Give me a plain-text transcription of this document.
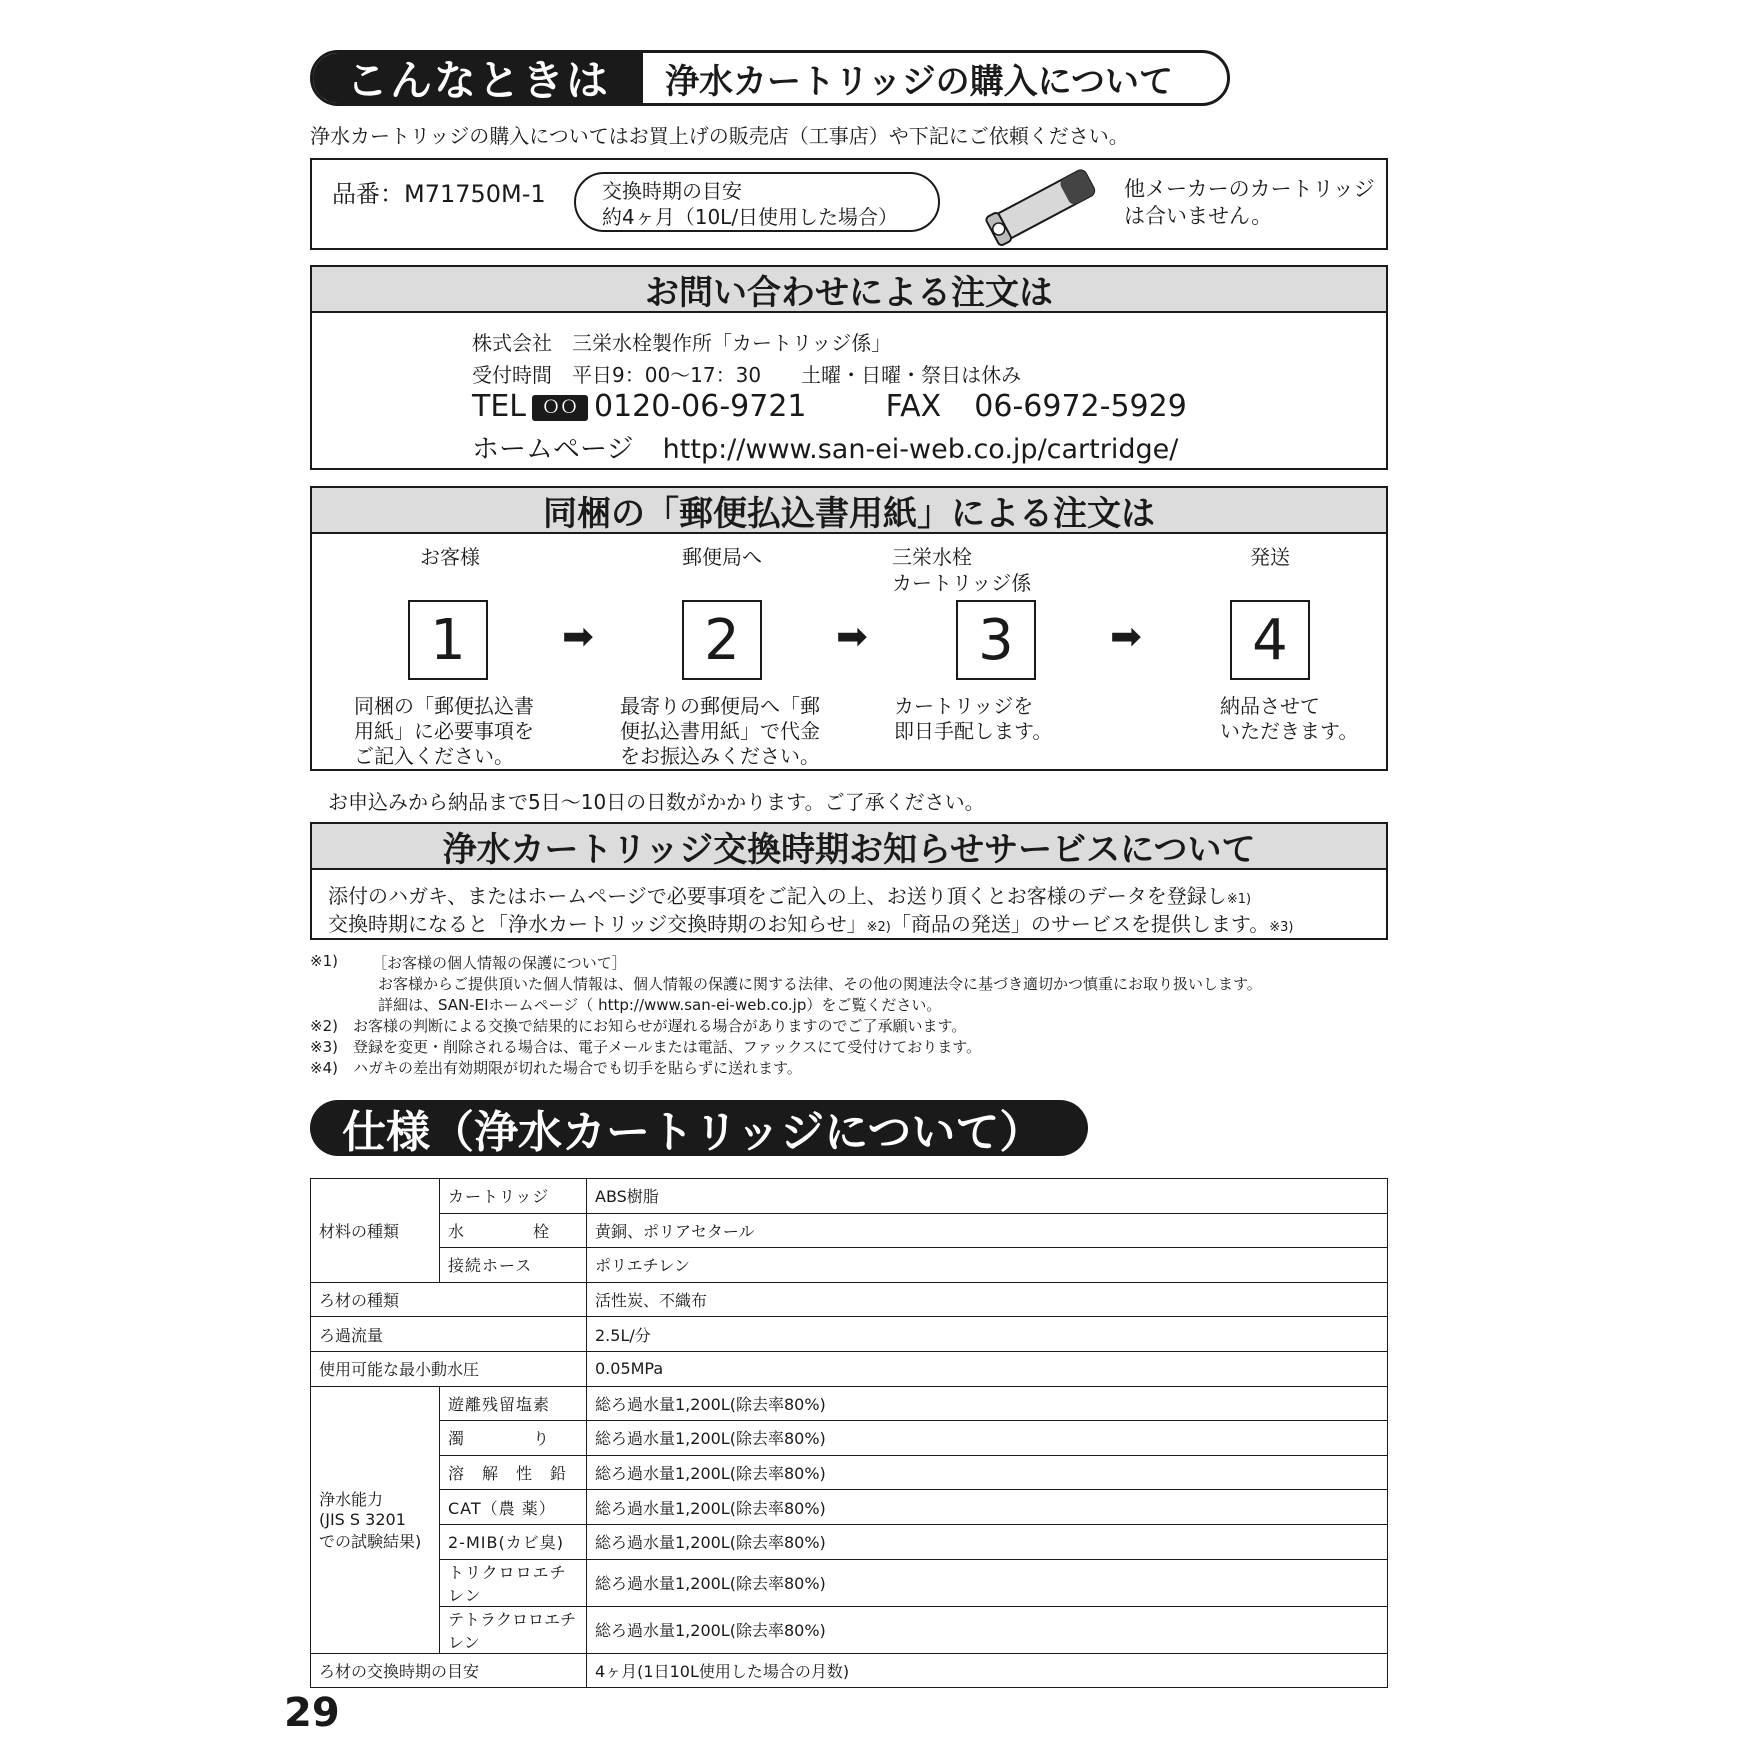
こんなときは	浄水カートリッジの購入について
浄水カートリッジの購入についてはお買上げの販売店（工事店）や下記にご依頼ください。
品番：M71750M-1	交換時期の目安
約4ヶ月（10L/日使用した場合）
他メーカーのカートリッジ
は合いません。
お問い合わせによる注文は
株式会社　三栄水栓製作所「カートリッジ係」
受付時間　平日9：00～17：30　　土曜・日曜・祭日は休み
TEL ＯＯ 0120-06-9721	FAX 06-6972-5929
ホームページ http://www.san-ei-web.co.jp/cartridge/
同梱の「郵便払込書用紙」による注文は
お客様
1
同梱の「郵便払込書
用紙」に必要事項を
ご記入ください。
➡
郵便局へ
2
最寄りの郵便局へ「郵
便払込書用紙」で代金
をお振込みください。
➡
三栄水栓
カートリッジ係
3
カートリッジを
即日手配します。
➡
発送
4
納品させて
いただきます。
お申込みから納品まで5日～10日の日数がかかります。ご了承ください。
浄水カートリッジ交換時期お知らせサービスについて
添付のハガキ、またはホームページで必要事項をご記入の上、お送り頂くとお客様のデータを登録し※1)
交換時期になると「浄水カートリッジ交換時期のお知らせ」※2)「商品の発送」のサービスを提供します。※3)
※1) ［お客様の個人情報の保護について］
お客様からご提供頂いた個人情報は、個人情報の保護に関する法律、その他の関連法令に基づき適切かつ慎重にお取り扱いします。
詳細は、SAN-EIホームページ（ http://www.san-ei-web.co.jp）をご覧ください。
※2)　お客様の判断による交換で結果的にお知らせが遅れる場合がありますのでご了承願います。
※3)　登録を変更・削除される場合は、電子メールまたは電話、ファックスにて受付けております。
※4)　ハガキの差出有効期限が切れた場合でも切手を貼らずに送れます。
仕様（浄水カートリッジについて）
材料の種類	カートリッジ	ABS樹脂
	水　　　　栓	黄銅、ポリアセタール
	接続ホース	ポリエチレン
ろ材の種類		活性炭、不織布
ろ過流量		2.5L/分
使用可能な最小動水圧		0.05MPa

浄水能力
(JIS S 3201
での試験結果)	遊離残留塩素	総ろ過水量1,200L(除去率80%)
	濁　　　　り	総ろ過水量1,200L(除去率80%)
	溶　解　性　鉛	総ろ過水量1,200L(除去率80%)
	CAT（農 薬）	総ろ過水量1,200L(除去率80%)
	2-MIB(カビ臭)	総ろ過水量1,200L(除去率80%)
	トリクロロエチレン	総ろ過水量1,200L(除去率80%)
	テトラクロロエチレン	総ろ過水量1,200L(除去率80%)
ろ材の交換時期の目安		4ヶ月(1日10L使用した場合の月数)
29
